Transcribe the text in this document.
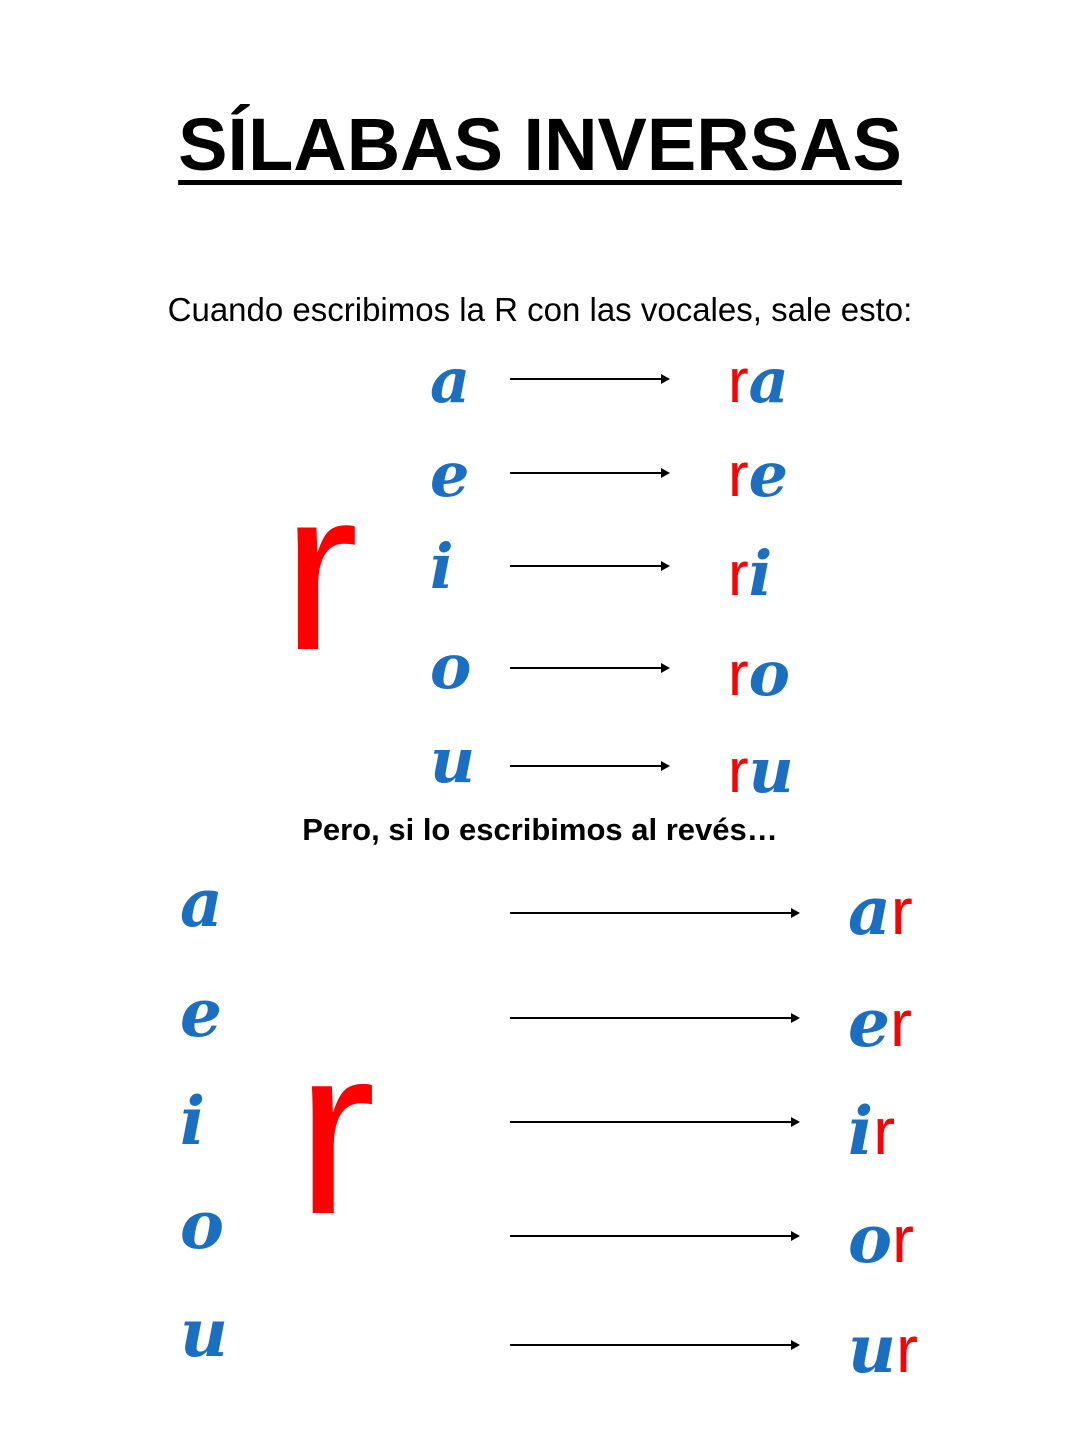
SÍLABAS INVERSAS
Cuando escribimos la R con las vocales, sale esto:
r
a	ra
e	re
i	ri
o	ro
u	ru
Pero, si lo escribimos al revés…
r
a	ar
e	er
i	ir
o	or
u	ur
